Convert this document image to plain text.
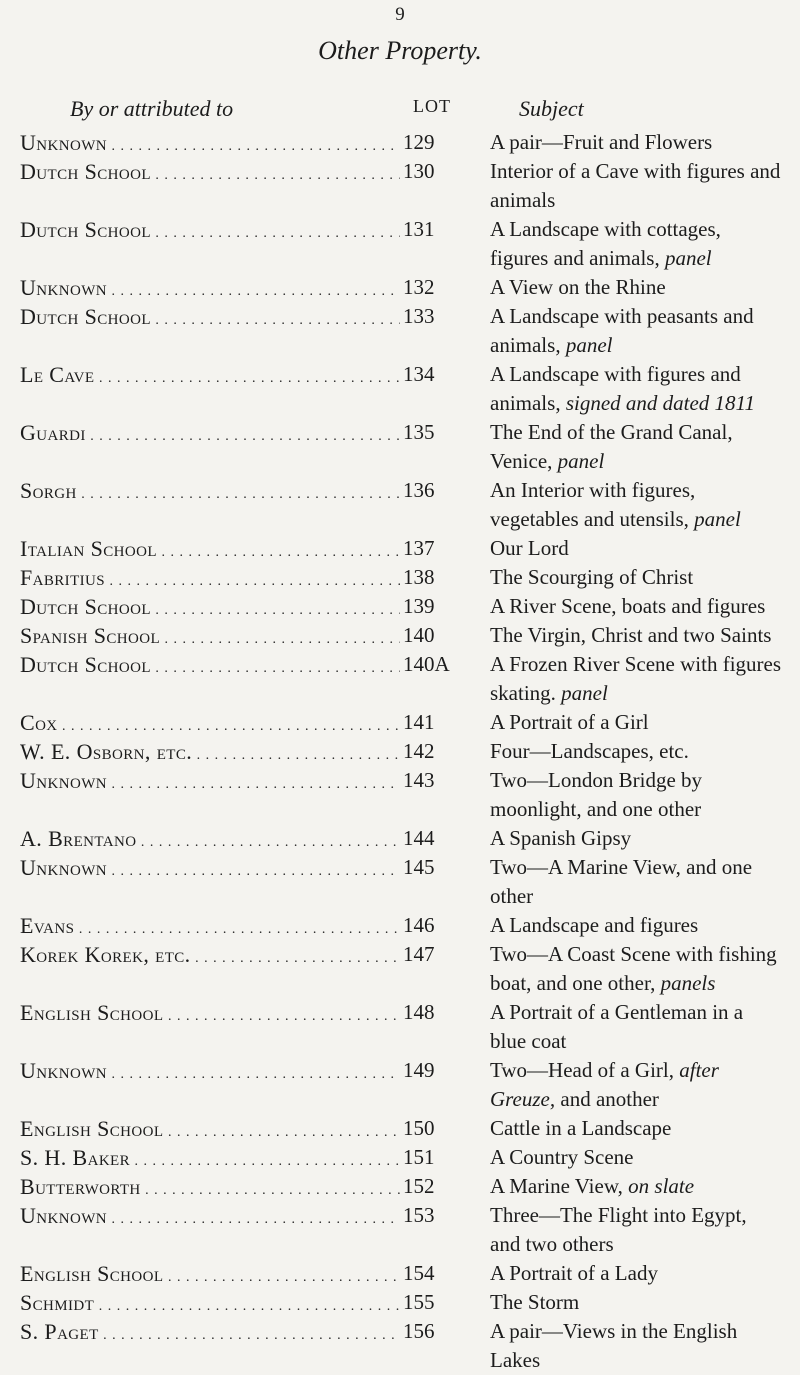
9
Other Property.
By or attributed to	LOT	Subject
Unknown . . .	129	A pair—Fruit and Flowers
Dutch School . . .	130	Interior of a Cave with figures and animals
Dutch School . . .	131	A Landscape with cottages, figures and animals, panel
Unknown . . .	132	A View on the Rhine
Dutch School . . .	133	A Landscape with peasants and animals, panel
Le Cave . . .	134	A Landscape with figures and animals, signed and dated 1811
Guardi . . .	135	The End of the Grand Canal, Venice, panel
Sorgh . . .	136	An Interior with figures, vegetables and utensils, panel
Italian School . . .	137	Our Lord
Fabritius . . .	138	The Scourging of Christ
Dutch School . . .	139	A River Scene, boats and figures
Spanish School . . .	140	The Virgin, Christ and two Saints
Dutch School . . .	140A	A Frozen River Scene with figures skating. panel
Cox . . .	141	A Portrait of a Girl
W. E. Osborn, etc. . . .	142	Four—Landscapes, etc.
Unknown . . .	143	Two—London Bridge by moonlight, and one other
A. Brentano . . .	144	A Spanish Gipsy
Unknown . . .	145	Two—A Marine View, and one other
Evans . . .	146	A Landscape and figures
Korek Korek, etc. . . .	147	Two—A Coast Scene with fishing boat, and one other, panels
English School . . .	148	A Portrait of a Gentleman in a blue coat
Unknown . . .	149	Two—Head of a Girl, after Greuze, and another
English School . . .	150	Cattle in a Landscape
S. H. Baker . . .	151	A Country Scene
Butterworth . . .	152	A Marine View, on slate
Unknown . . .	153	Three—The Flight into Egypt, and two others
English School . . .	154	A Portrait of a Lady
Schmidt . . .	155	The Storm
S. Paget . . .	156	A pair—Views in the English Lakes
